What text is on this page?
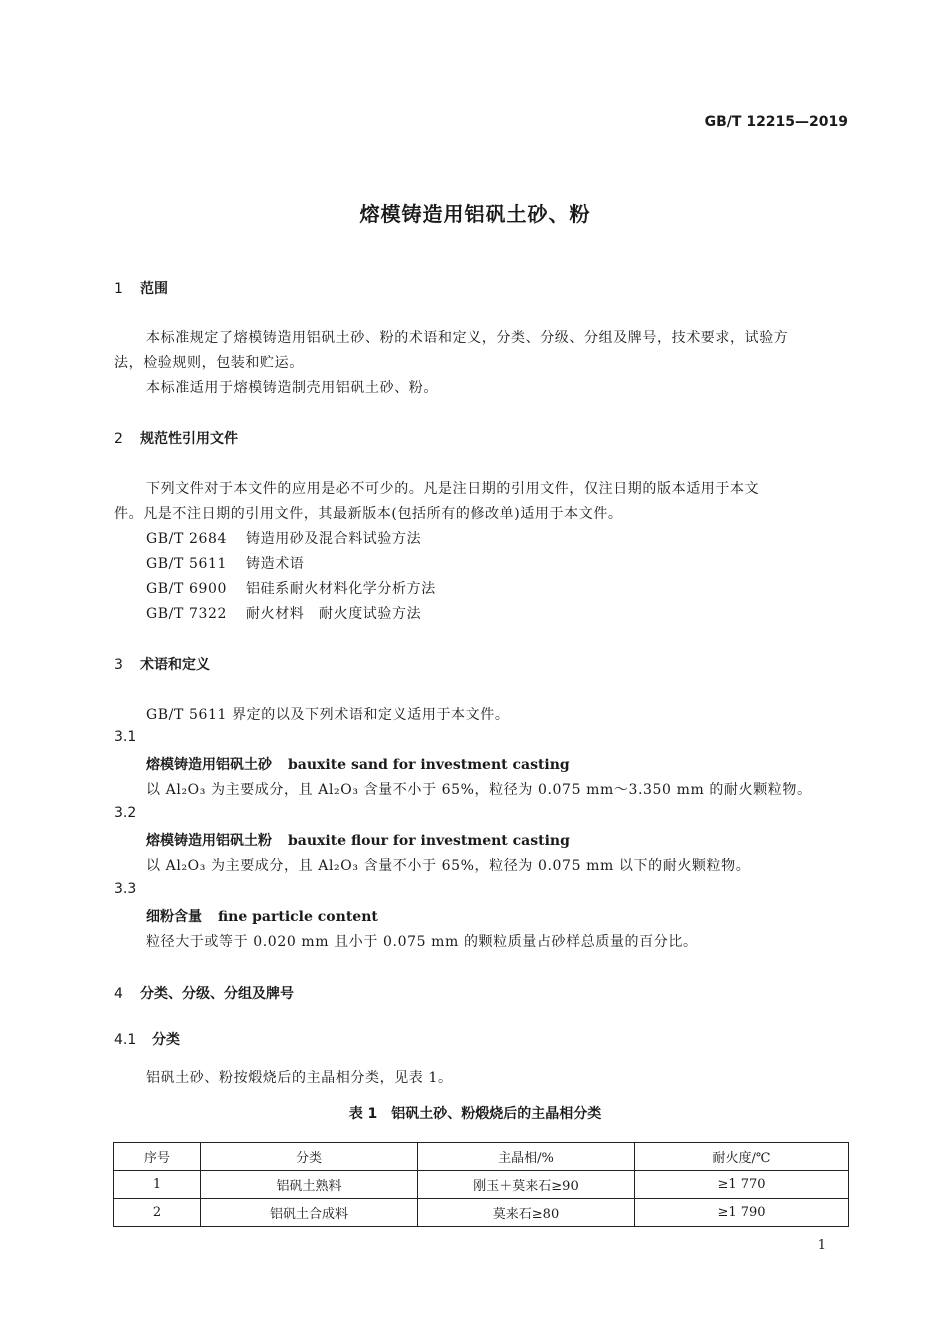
GB/T 12215—2019
熔模铸造用铝矾土砂、粉
1 范围
本标准规定了熔模铸造用铝矾土砂、粉的术语和定义，分类、分级、分组及牌号，技术要求，试验方
法，检验规则，包装和贮运。
本标准适用于熔模铸造制壳用铝矾土砂、粉。
2 规范性引用文件
下列文件对于本文件的应用是必不可少的。凡是注日期的引用文件，仅注日期的版本适用于本文
件。凡是不注日期的引用文件，其最新版本(包括所有的修改单)适用于本文件。
GB/T 2684 铸造用砂及混合料试验方法
GB/T 5611 铸造术语
GB/T 6900 铝硅系耐火材料化学分析方法
GB/T 7322 耐火材料　耐火度试验方法
3 术语和定义
GB/T 5611 界定的以及下列术语和定义适用于本文件。
3.1
熔模铸造用铝矾土砂 bauxite sand for investment casting
以 Al₂O₃ 为主要成分，且 Al₂O₃ 含量不小于 65%，粒径为 0.075 mm～3.350 mm 的耐火颗粒物。
3.2
熔模铸造用铝矾土粉 bauxite flour for investment casting
以 Al₂O₃ 为主要成分，且 Al₂O₃ 含量不小于 65%，粒径为 0.075 mm 以下的耐火颗粒物。
3.3
细粉含量 fine particle content
粒径大于或等于 0.020 mm 且小于 0.075 mm 的颗粒质量占砂样总质量的百分比。
4 分类、分级、分组及牌号
4.1 分类
铝矾土砂、粉按煅烧后的主晶相分类，见表 1。
表 1　铝矾土砂、粉煅烧后的主晶相分类
序号	分类	主晶相/%	耐火度/℃
1	铝矾土熟料	刚玉＋莫来石≥90	≥1 770
2	铝矾土合成料	莫来石≥80	≥1 790
1
